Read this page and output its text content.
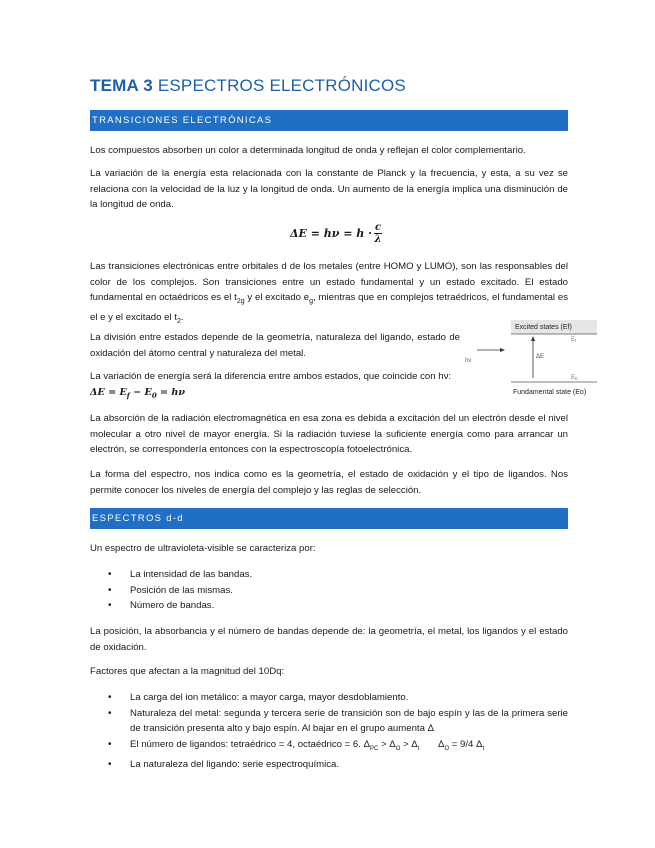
TEMA 3 ESPECTROS ELECTRÓNICOS
TRANSICIONES ELECTRÓNICAS
Los compuestos absorben un color a determinada longitud de onda y reflejan el color complementario.
La variación de la energía esta relacionada con la constante de Planck y la frecuencia, y esta, a su vez se relaciona con la velocidad de la luz y la longitud de onda. Un aumento de la energía implica una disminución de la longitud de onda.
$\Delta E = h\nu = h \cdot \frac{c}{\lambda}$
Las transiciones electrónicas entre orbitales d de los metales (entre HOMO y LUMO), son las responsables del color de los complejos. Son transiciones entre un estado fundamental y un estado excitado. El estado fundamental en octaédricos es el $t_{2g}$ y el excitado $e_g$, mientras que en complejos tetraédricos, el fundamental es el e y el excitado el $t_2$.
La división entre estados depende de la geometría, naturaleza del ligando, estado de oxidación del átomo central y naturaleza del metal.
La variación de energía será la diferencia entre ambos estados, que coincide con hν:
$\Delta E = E_f - E_0 = h\nu$
La absorción de la radiación electromagnética en esa zona es debida a excitación del un electrón desde el nivel molecular a otro nivel de mayor energía. Si la radiación tuviese la suficiente energía como para arrancar un electrón, se correspondería entonces con la espectroscopía fotoelectrónica.
La forma del espectro, nos indica como es la geometría, el estado de oxidación y el tipo de ligandos. Nos permite conocer los niveles de energía del complejo y las reglas de selección.
ESPECTROS d-d
Un espectro de ultravioleta-visible se caracteriza por:
• La intensidad de las bandas.
• Posición de las mismas.
• Número de bandas.
La posición, la absorbancia y el número de bandas depende de: la geometría, el metal, los ligandos y el estado de oxidación.
Factores que afectan a la magnitud del 10Dq:
• La carga del ion metálico: a mayor carga, mayor desdoblamiento.
• Naturaleza del metal: segunda y tercera serie de transición son de bajo espín y las de la primera serie de transición presenta alto y bajo espín. Al bajar en el grupo aumenta Δ
• El número de ligandos: tetraédrico = 4, octaédrico = 6. $\Delta_{PC} > \Delta_O > \Delta_t$       $\Delta_O = 9/4$ $\Delta_t$
• La naturaleza del ligando: serie espectroquímica.
Excited states (Ef)
Ef
ΔE
hν
E0
Fundamental state (Eo)
